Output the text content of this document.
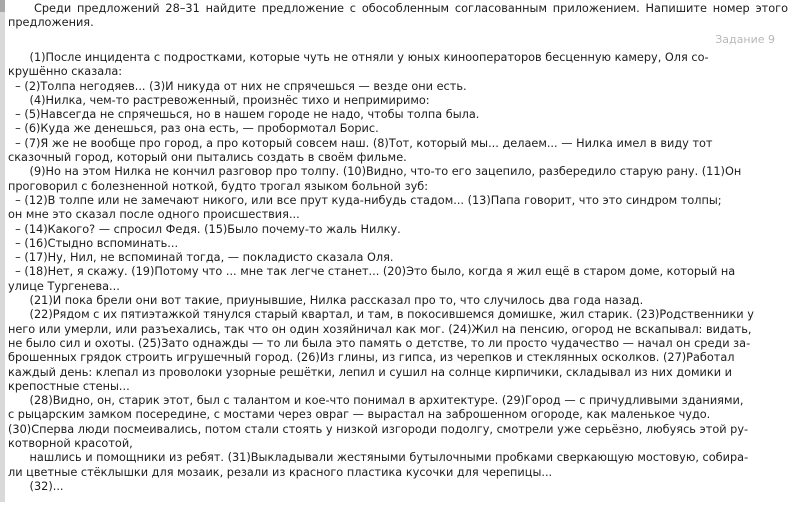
Среди предложений 28–31 найдите предложение с обособленным согласованным приложением. Напишите номер этого предложения.
Задание 9
(1)После инцидента с подростками, которые чуть не отняли у юных кинооператоров бесценную камеру, Оля со-
крушённо сказала:
– (2)Толпа негодяев... (3)И никуда от них не спрячешься — везде они есть.
(4)Нилка, чем-то растревоженный, произнёс тихо и непримиримо:
– (5)Навсегда не спрячешься, но в нашем городе не надо, чтобы толпа была.
– (6)Куда же денешься, раз она есть, — пробормотал Борис.
– (7)Я же не вообще про город, а про который совсем наш. (8)Тот, который мы... делаем... — Нилка имел в виду тот
сказочный город, который они пытались создать в своём фильме.
(9)Но на этом Нилка не кончил разговор про толпу. (10)Видно, что-то его зацепило, разбередило старую рану. (11)Он
проговорил с болезненной ноткой, будто трогал языком больной зуб:
– (12)В толпе или не замечают никого, или все прут куда-нибудь стадом... (13)Папа говорит, что это синдром толпы;
он мне это сказал после одного происшествия...
– (14)Какого? — спросил Федя. (15)Было почему-то жаль Нилку.
– (16)Стыдно вспоминать...
– (17)Ну, Нил, не вспоминай тогда, — покладисто сказала Оля.
– (18)Нет, я скажу. (19)Потому что ... мне так легче станет... (20)Это было, когда я жил ещё в старом доме, который на
улице Тургенева...
(21)И пока брели они вот такие, приунывшие, Нилка рассказал про то, что случилось два года назад.
(22)Рядом с их пятиэтажкой тянулся старый квартал, и там, в покосившемся домишке, жил старик. (23)Родственники у
него или умерли, или разъехались, так что он один хозяйничал как мог. (24)Жил на пенсию, огород не вскапывал: видать,
не было сил и охоты. (25)Зато однажды — то ли была это память о детстве, то ли просто чудачество — начал он среди за-
брошенных грядок строить игрушечный город. (26)Из глины, из гипса, из черепков и стеклянных осколков. (27)Работал
каждый день: клепал из проволоки узорные решётки, лепил и сушил на солнце кирпичики, складывал из них домики и
крепостные стены...
(28)Видно, он, старик этот, был с талантом и кое-что понимал в архитектуре. (29)Город — с причудливыми зданиями,
с рыцарским замком посередине, с мостами через овраг — вырастал на заброшенном огороде, как маленькое чудо.
(30)Сперва люди посмеивались, потом стали стоять у низкой изгороди подолгу, смотрели уже серьёзно, любуясь этой ру-
котворной красотой,
нашлись и помощники из ребят. (31)Выкладывали жестяными бутылочными пробками сверкающую мостовую, собира-
ли цветные стёклышки для мозаик, резали из красного пластика кусочки для черепицы...
(32)...
